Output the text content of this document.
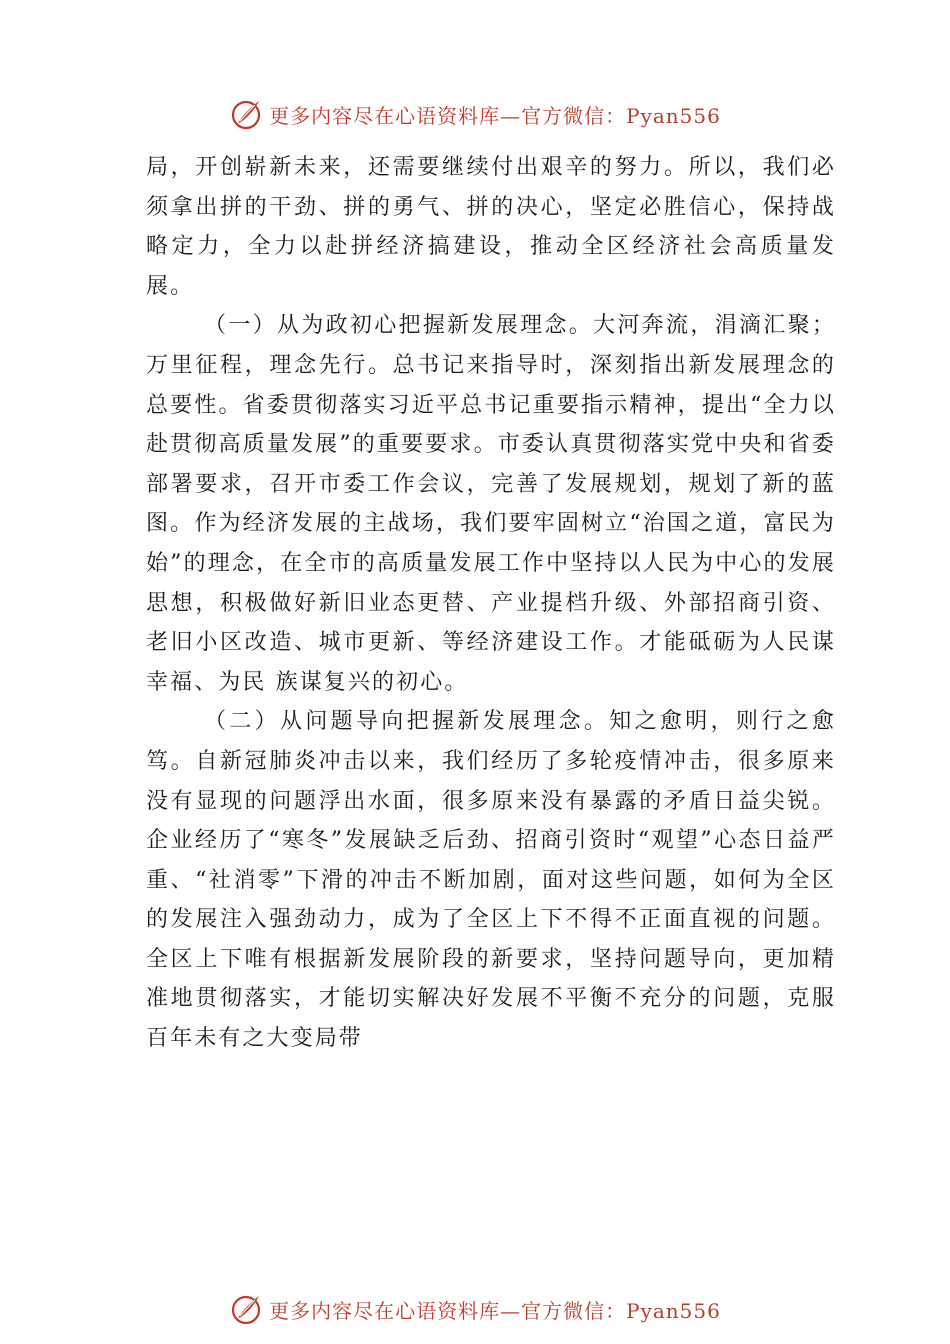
更多内容尽在心语资料库—官方微信：Pyan556

局，开创崭新未来，还需要继续付出艰辛的努力。所以，我们必须拿出拼的干劲、拼的勇气、拼的决心，坚定必胜信心，保持战略定力，全力以赴拼经济搞建设，推动全区经济社会高质量发展。

（一）从为政初心把握新发展理念。大河奔流，涓滴汇聚；万里征程，理念先行。总书记来指导时，深刻指出新发展理念的总要性。省委贯彻落实习近平总书记重要指示精神，提出“全力以赴贯彻高质量发展”的重要要求。市委认真贯彻落实党中央和省委部署要求，召开市委工作会议，完善了发展规划，规划了新的蓝图。作为经济发展的主战场，我们要牢固树立“治国之道，富民为始”的理念，在全市的高质量发展工作中坚持以人民为中心的发展思想，积极做好新旧业态更替、产业提档升级、外部招商引资、老旧小区改造、城市更新、等经济建设工作。才能砥砺为人民谋幸福、为民 族谋复兴的初心。

（二）从问题导向把握新发展理念。知之愈明，则行之愈笃。自新冠肺炎冲击以来，我们经历了多轮疫情冲击，很多原来没有显现的问题浮出水面，很多原来没有暴露的矛盾日益尖锐。企业经历了“寒冬”发展缺乏后劲、招商引资时“观望”心态日益严重、“社消零”下滑的冲击不断加剧，面对这些问题，如何为全区的发展注入强劲动力，成为了全区上下不得不正面直视的问题。全区上下唯有根据新发展阶段的新要求，坚持问题导向，更加精准地贯彻落实，才能切实解决好发展不平衡不充分的问题，克服百年未有之大变局带

更多内容尽在心语资料库—官方微信：Pyan556
